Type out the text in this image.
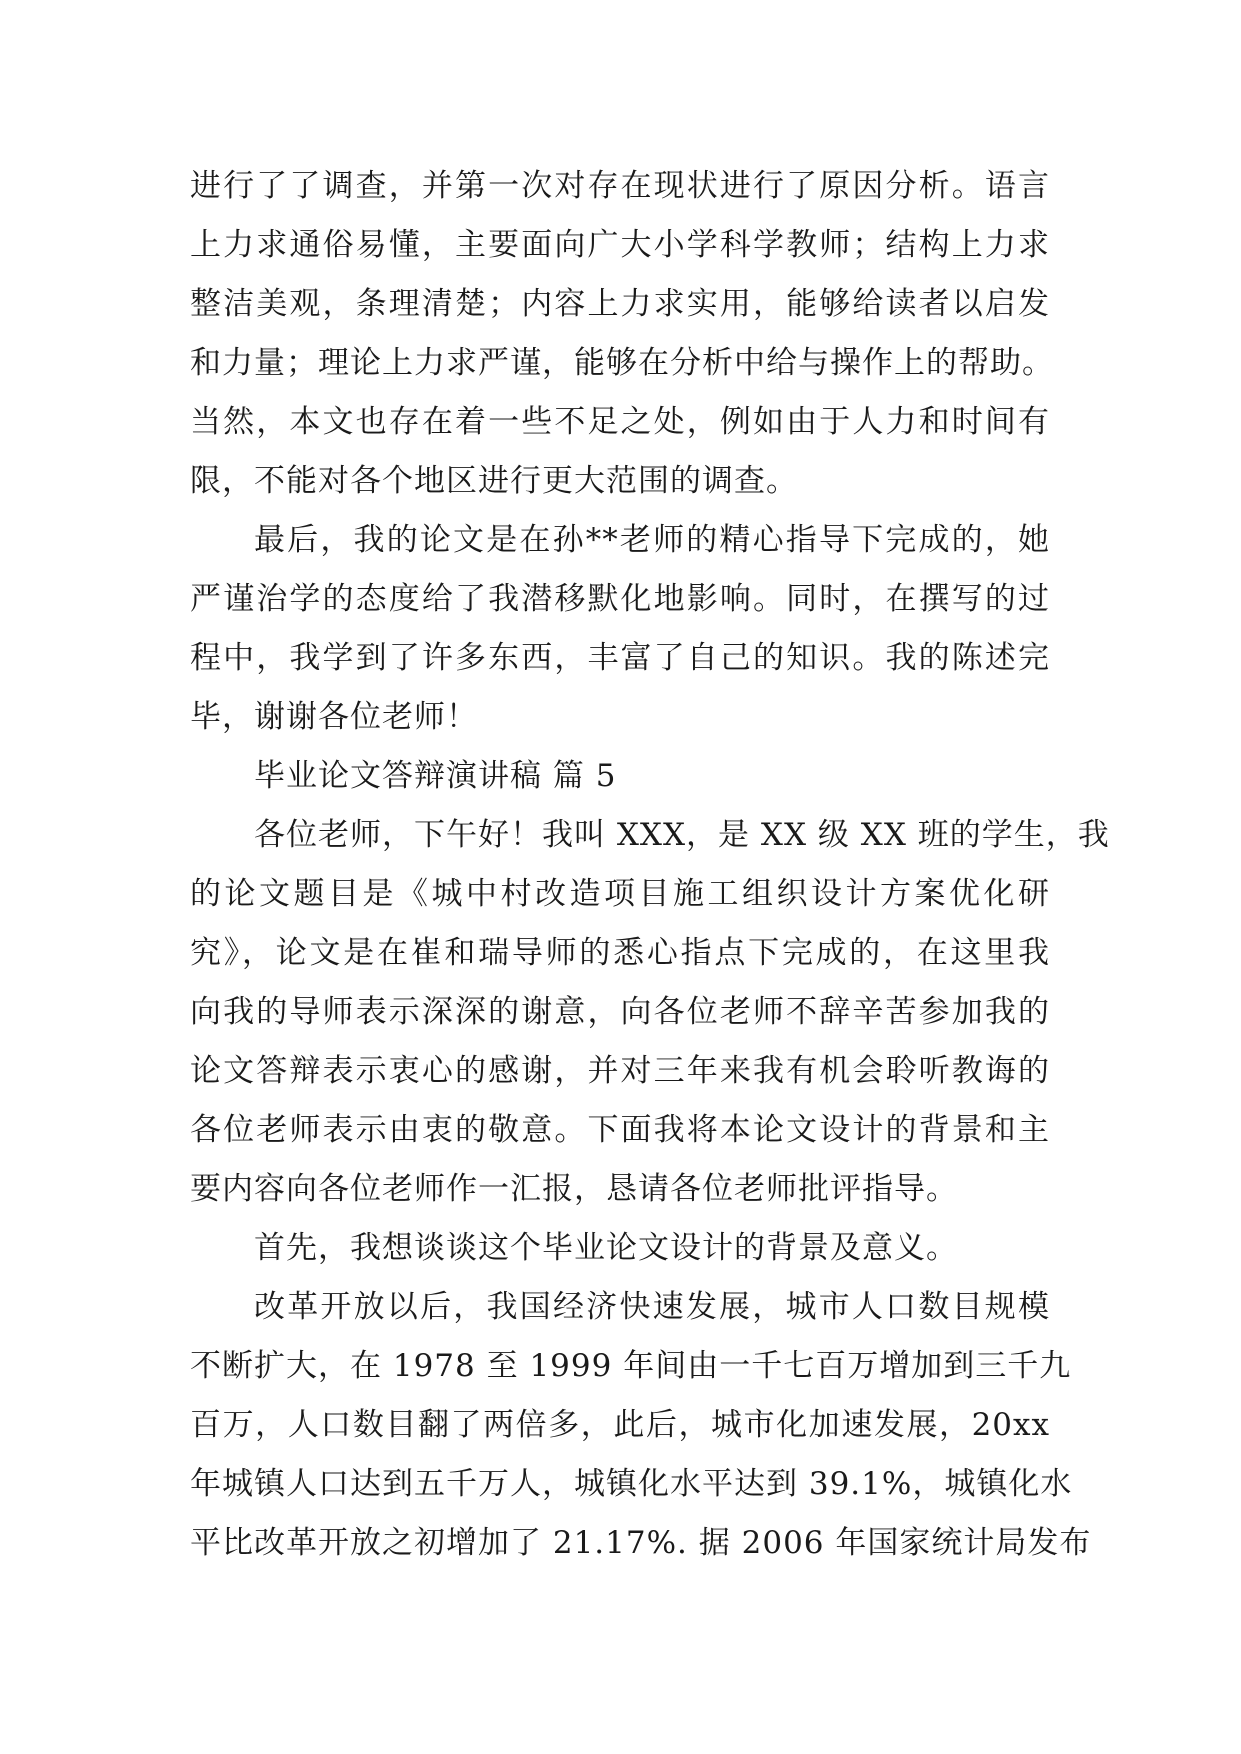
进行了了调查，并第一次对存在现状进行了原因分析。语言
上力求通俗易懂，主要面向广大小学科学教师；结构上力求
整洁美观，条理清楚；内容上力求实用，能够给读者以启发
和力量；理论上力求严谨，能够在分析中给与操作上的帮助。
当然，本文也存在着一些不足之处，例如由于人力和时间有
限，不能对各个地区进行更大范围的调查。
最后，我的论文是在孙**老师的精心指导下完成的，她
严谨治学的态度给了我潜移默化地影响。同时，在撰写的过
程中，我学到了许多东西，丰富了自己的知识。我的陈述完
毕，谢谢各位老师！
毕业论文答辩演讲稿 篇 5
各位老师，下午好！我叫 XXX，是 XX 级 XX 班的学生，我
的论文题目是《城中村改造项目施工组织设计方案优化研
究》，论文是在崔和瑞导师的悉心指点下完成的，在这里我
向我的导师表示深深的谢意，向各位老师不辞辛苦参加我的
论文答辩表示衷心的感谢，并对三年来我有机会聆听教诲的
各位老师表示由衷的敬意。下面我将本论文设计的背景和主
要内容向各位老师作一汇报，恳请各位老师批评指导。
首先，我想谈谈这个毕业论文设计的背景及意义。
改革开放以后，我国经济快速发展，城市人口数目规模
不断扩大，在 1978 至 1999 年间由一千七百万增加到三千九
百万，人口数目翻了两倍多，此后，城市化加速发展，20xx
年城镇人口达到五千万人，城镇化水平达到 39.1%，城镇化水
平比改革开放之初增加了 21.17%. 据 2006 年国家统计局发布
